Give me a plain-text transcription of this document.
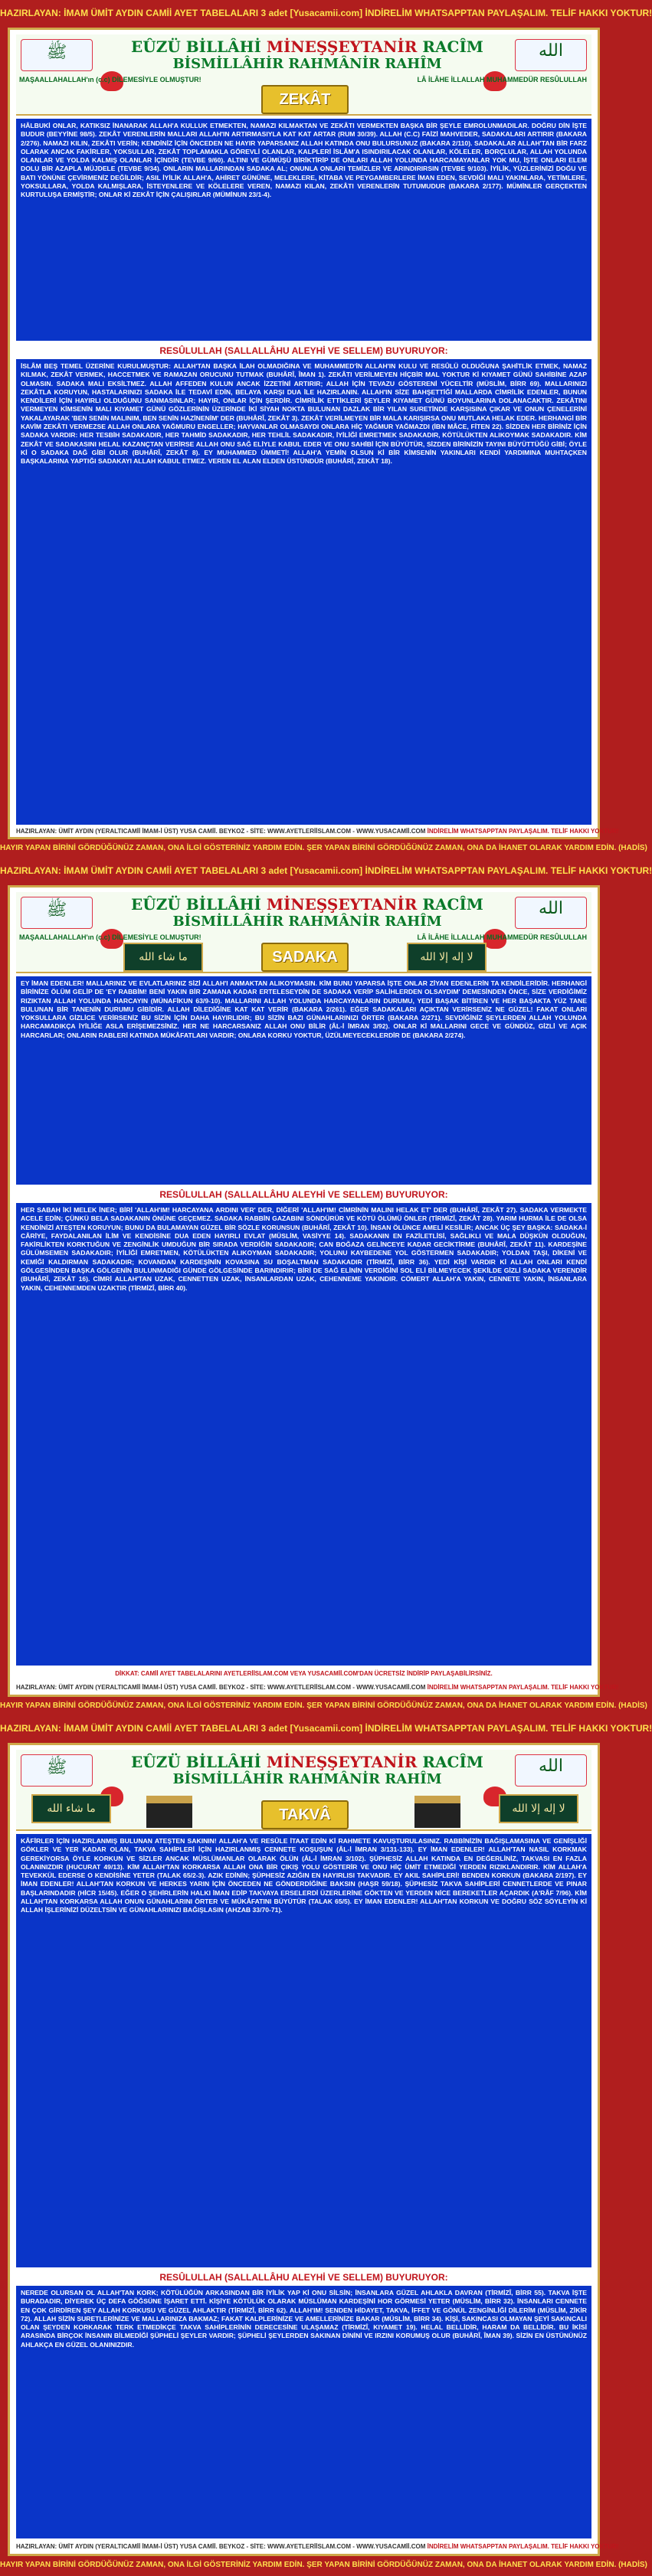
HAZIRLAYAN: İMAM ÜMİT AYDIN CAMİİ AYET TABELALARI 3 adet [Yusacamii.com] İNDİRELİM WHATSAPPTAN PAYLAŞALIM. TELİF HAKKI YOKTUR!
ﷺ	الله
EÛZÜ BİLLÂHİ MİNEŞŞEYTANİR RACÎM
BİSMİLLÂHİR RAHMÂNİR RAHÎM
MAŞAALLAHALLAH'ın (c.c) DİLEMESİYLE OLMUŞTUR!	LÂ İLÂHE İLLALLAH MUHAMMEDÜR RESÛLULLAH
ZEKÂT
HÂLBUKİ ONLAR, KATIKSIZ İNANARAK ALLAH'A KULLUK ETMEKTEN, NAMAZI KILMAKTAN VE ZEKÂTI VERMEKTEN BAŞKA BİR ŞEYLE EMROLUNMADILAR. DOĞRU DİN İŞTE BUDUR (BEYYİNE 98/5). ZEKÂT VERENLERİN MALLARI ALLAH'IN ARTIRMASIYLA KAT KAT ARTAR (RUM 30/39). ALLAH (C.C) FAİZİ MAHVEDER, SADAKALARI ARTIRIR (BAKARA 2/276). NAMAZI KILIN, ZEKÂTI VERİN; KENDİNİZ İÇİN ÖNCEDEN NE HAYIR YAPARSANIZ ALLAH KATINDA ONU BULURSUNUZ (BAKARA 2/110). SADAKALAR ALLAH'TAN BİR FARZ OLARAK ANCAK FAKİRLER, YOKSULLAR, ZEKÂT TOPLAMAKLA GÖREVLİ OLANLAR, KALPLERİ İSLÂM'A ISINDIRILACAK OLANLAR, KÖLELER, BORÇLULAR, ALLAH YOLUNDA OLANLAR VE YOLDA KALMIŞ OLANLAR İÇİNDİR (TEVBE 9/60). ALTINI VE GÜMÜŞÜ BİRİKTİRİP DE ONLARI ALLAH YOLUNDA HARCAMAYANLAR YOK MU, İŞTE ONLARI ELEM DOLU BİR AZAPLA MÜJDELE (TEVBE 9/34). ONLARIN MALLARINDAN SADAKA AL; ONUNLA ONLARI TEMİZLER VE ARINDIRIRSIN (TEVBE 9/103). İYİLİK, YÜZLERİNİZİ DOĞU VE BATI YÖNÜNE ÇEVİRMENİZ DEĞİLDİR; ASIL İYİLİK ALLAH'A, AHİRET GÜNÜNE, MELEKLERE, KİTABA VE PEYGAMBERLERE İMAN EDEN, SEVDİĞİ MALI YAKINLARA, YETİMLERE, YOKSULLARA, YOLDA KALMIŞLARA, İSTEYENLERE VE KÖLELERE VEREN, NAMAZI KILAN, ZEKÂTI VERENLERİN TUTUMUDUR (BAKARA 2/177). MÜMİNLER GERÇEKTEN KURTULUŞA ERMİŞTİR; ONLAR Kİ ZEKÂT İÇİN ÇALIŞIRLAR (MÜMİNUN 23/1-4).
RESÛLULLAH (SALLALLÂHU ALEYHİ VE SELLEM) BUYURUYOR:
İSLÂM BEŞ TEMEL ÜZERİNE KURULMUŞTUR: ALLAH'TAN BAŞKA İLAH OLMADIĞINA VE MUHAMMED'İN ALLAH'IN KULU VE RESÛLÜ OLDUĞUNA ŞAHİTLİK ETMEK, NAMAZ KILMAK, ZEKÂT VERMEK, HACCETMEK VE RAMAZAN ORUCUNU TUTMAK (BUHÂRÎ, ÎMAN 1). ZEKÂTI VERİLMEYEN HİÇBİR MAL YOKTUR Kİ KIYAMET GÜNÜ SAHİBİNE AZAP OLMASIN. SADAKA MALI EKSİLTMEZ. ALLAH AFFEDEN KULUN ANCAK İZZETİNİ ARTIRIR; ALLAH İÇİN TEVAZU GÖSTERENİ YÜCELTİR (MÜSLİM, BİRR 69). MALLARINIZI ZEKÂTLA KORUYUN, HASTALARINIZI SADAKA İLE TEDAVİ EDİN, BELAYA KARŞI DUA İLE HAZIRLANIN. ALLAH'IN SİZE BAHŞETTİĞİ MALLARDA CİMRİLİK EDENLER, BUNUN KENDİLERİ İÇİN HAYIRLI OLDUĞUNU SANMASINLAR; HAYIR, ONLAR İÇİN ŞERDİR. CİMRİLİK ETTİKLERİ ŞEYLER KIYAMET GÜNÜ BOYUNLARINA DOLANACAKTIR. ZEKÂTINI VERMEYEN KİMSENİN MALI KIYAMET GÜNÜ GÖZLERİNİN ÜZERİNDE İKİ SİYAH NOKTA BULUNAN DAZLAK BİR YILAN SURETİNDE KARŞISINA ÇIKAR VE ONUN ÇENELERİNİ YAKALAYARAK 'BEN SENİN MALINIM, BEN SENİN HAZİNENİM' DER (BUHÂRÎ, ZEKÂT 3). ZEKÂT VERİLMEYEN BİR MALA KARIŞIRSA ONU MUTLAKA HELAK EDER. HERHANGİ BİR KAVİM ZEKÂTI VERMEZSE ALLAH ONLARA YAĞMURU ENGELLER; HAYVANLAR OLMASAYDI ONLARA HİÇ YAĞMUR YAĞMAZDI (İBN MÂCE, FİTEN 22). SİZDEN HER BİRİNİZ İÇİN SADAKA VARDIR: HER TESBİH SADAKADIR, HER TAHMİD SADAKADIR, HER TEHLİL SADAKADIR, İYİLİĞİ EMRETMEK SADAKADIR, KÖTÜLÜKTEN ALIKOYMAK SADAKADIR. KİM ZEKÂT VE SADAKASINI HELAL KAZANÇTAN VERİRSE ALLAH ONU SAĞ ELİYLE KABUL EDER VE ONU SAHİBİ İÇİN BÜYÜTÜR, SİZDEN BİRİNİZİN TAYINI BÜYÜTTÜĞÜ GİBİ; ÖYLE Kİ O SADAKA DAĞ GİBİ OLUR (BUHÂRÎ, ZEKÂT 8). EY MUHAMMED ÜMMETİ! ALLAH'A YEMİN OLSUN Kİ BİR KİMSENİN YAKINLARI KENDİ YARDIMINA MUHTAÇKEN BAŞKALARINA YAPTIĞI SADAKAYI ALLAH KABUL ETMEZ. VEREN EL ALAN ELDEN ÜSTÜNDÜR (BUHÂRÎ, ZEKÂT 18).
HAZIRLAYAN: ÜMİT AYDIN (YERALTICAMİİ İMAM-İ ÜST) YUSA CAMİİ. BEYKOZ - SİTE: WWW.AYETLERİİSLAM.COM - WWW.YUSACAMİİ.COM İNDİRELİM WHATSAPPTAN PAYLAŞALIM. TELİF HAKKI YOKTUR!
HAYIR YAPAN BİRİNİ GÖRDÜĞÜNÜZ ZAMAN, ONA İLGİ GÖSTERİNİZ YARDIM EDİN. ŞER YAPAN BİRİNİ GÖRDÜĞÜNÜZ ZAMAN, ONA DA İHANET OLARAK YARDIM EDİN. (HADİS)
HAZIRLAYAN: İMAM ÜMİT AYDIN CAMİİ AYET TABELALARI 3 adet [Yusacamii.com] İNDİRELİM WHATSAPPTAN PAYLAŞALIM. TELİF HAKKI YOKTUR!
ﷺ	الله
EÛZÜ BİLLÂHİ MİNEŞŞEYTANİR RACÎM
BİSMİLLÂHİR RAHMÂNİR RAHÎM
MAŞAALLAHALLAH'ın (c.c) DİLEMESİYLE OLMUŞTUR!	LÂ İLÂHE İLLALLAH MUHAMMEDÜR RESÛLULLAH
ما شاء الله	SADAKA	لا إله إلا الله
EY İMAN EDENLER! MALLARINIZ VE EVLATLARINIZ SİZİ ALLAH'I ANMAKTAN ALIKOYMASIN. KİM BUNU YAPARSA İŞTE ONLAR ZİYAN EDENLERİN TA KENDİLERİDİR. HERHANGİ BİRİNİZE ÖLÜM GELİP DE 'EY RABBİM! BENİ YAKIN BİR ZAMANA KADAR ERTELESEYDİN DE SADAKA VERİP SALİHLERDEN OLSAYDIM' DEMESİNDEN ÖNCE, SİZE VERDİĞİMİZ RIZIKTAN ALLAH YOLUNDA HARCAYIN (MÜNAFİKUN 63/9-10). MALLARINI ALLAH YOLUNDA HARCAYANLARIN DURUMU, YEDİ BAŞAK BİTİREN VE HER BAŞAKTA YÜZ TANE BULUNAN BİR TANENİN DURUMU GİBİDİR. ALLAH DİLEDİĞİNE KAT KAT VERİR (BAKARA 2/261). EĞER SADAKALARI AÇIKTAN VERİRSENİZ NE GÜZEL! FAKAT ONLARI YOKSULLARA GİZLİCE VERİRSENİZ BU SİZİN İÇİN DAHA HAYIRLIDIR; BU SİZİN BAZI GÜNAHLARINIZI ÖRTER (BAKARA 2/271). SEVDİĞİNİZ ŞEYLERDEN ALLAH YOLUNDA HARCAMADIKÇA İYİLİĞE ASLA ERİŞEMEZSİNİZ. HER NE HARCARSANIZ ALLAH ONU BİLİR (ÂL-İ İMRAN 3/92). ONLAR Kİ MALLARINI GECE VE GÜNDÜZ, GİZLİ VE AÇIK HARCARLAR; ONLARIN RABLERİ KATINDA MÜKÂFATLARI VARDIR; ONLARA KORKU YOKTUR, ÜZÜLMEYECEKLERDİR DE (BAKARA 2/274).
RESÛLULLAH (SALLALLÂHU ALEYHİ VE SELLEM) BUYURUYOR:
HER SABAH İKİ MELEK İNER; BİRİ 'ALLAH'IM! HARCAYANA ARDINI VER' DER, DİĞERİ 'ALLAH'IM! CİMRİNİN MALINI HELAK ET' DER (BUHÂRÎ, ZEKÂT 27). SADAKA VERMEKTE ACELE EDİN; ÇÜNKÜ BELA SADAKANIN ÖNÜNE GEÇEMEZ. SADAKA RABBİN GAZABINI SÖNDÜRÜR VE KÖTÜ ÖLÜMÜ ÖNLER (TİRMİZÎ, ZEKÂT 28). YARIM HURMA İLE DE OLSA KENDİNİZİ ATEŞTEN KORUYUN; BUNU DA BULAMAYAN GÜZEL BİR SÖZLE KORUNSUN (BUHÂRÎ, ZEKÂT 10). İNSAN ÖLÜNCE AMELİ KESİLİR; ANCAK ÜÇ ŞEY BAŞKA: SADAKA-İ CÂRİYE, FAYDALANILAN İLİM VE KENDİSİNE DUA EDEN HAYIRLI EVLAT (MÜSLİM, VASİYYE 14). SADAKANIN EN FAZİLETLİSİ, SAĞLIKLI VE MALA DÜŞKÜN OLDUĞUN, FAKİRLİKTEN KORKTUĞUN VE ZENGİNLİK UMDUĞUN BİR SIRADA VERDİĞİN SADAKADIR; CAN BOĞAZA GELİNCEYE KADAR GECİKTİRME (BUHÂRÎ, ZEKÂT 11). KARDEŞİNE GÜLÜMSEMEN SADAKADIR; İYİLİĞİ EMRETMEN, KÖTÜLÜKTEN ALIKOYMAN SADAKADIR; YOLUNU KAYBEDENE YOL GÖSTERMEN SADAKADIR; YOLDAN TAŞI, DİKENİ VE KEMİĞİ KALDIRMAN SADAKADIR; KOVANDAN KARDEŞİNİN KOVASINA SU BOŞALTMAN SADAKADIR (TİRMİZÎ, BİRR 36). YEDİ KİŞİ VARDIR Kİ ALLAH ONLARI KENDİ GÖLGESİNDEN BAŞKA GÖLGENİN BULUNMADIĞI GÜNDE GÖLGESİNDE BARINDIRIR; BİRİ DE SAĞ ELİNİN VERDİĞİNİ SOL ELİ BİLMEYECEK ŞEKİLDE GİZLİ SADAKA VERENDİR (BUHÂRÎ, ZEKÂT 16). CİMRİ ALLAH'TAN UZAK, CENNETTEN UZAK, İNSANLARDAN UZAK, CEHENNEME YAKINDIR. CÖMERT ALLAH'A YAKIN, CENNETE YAKIN, İNSANLARA YAKIN, CEHENNEMDEN UZAKTIR (TİRMİZÎ, BİRR 40).
DİKKAT: CAMİİ AYET TABELALARINI AYETLERİİSLAM.COM VEYA YUSACAMİİ.COM'DAN ÜCRETSİZ İNDİRİP PAYLAŞABİLİRSİNİZ.
HAZIRLAYAN: ÜMİT AYDIN (YERALTICAMİİ İMAM-İ ÜST) YUSA CAMİİ. BEYKOZ - SİTE: WWW.AYETLERİİSLAM.COM - WWW.YUSACAMİİ.COM İNDİRELİM WHATSAPPTAN PAYLAŞALIM. TELİF HAKKI YOKTUR!
HAYIR YAPAN BİRİNİ GÖRDÜĞÜNÜZ ZAMAN, ONA İLGİ GÖSTERİNİZ YARDIM EDİN. ŞER YAPAN BİRİNİ GÖRDÜĞÜNÜZ ZAMAN, ONA DA İHANET OLARAK YARDIM EDİN. (HADİS)
HAZIRLAYAN: İMAM ÜMİT AYDIN CAMİİ AYET TABELALARI 3 adet [Yusacamii.com] İNDİRELİM WHATSAPPTAN PAYLAŞALIM. TELİF HAKKI YOKTUR!
ﷺ	الله
EÛZÜ BİLLÂHİ MİNEŞŞEYTANİR RACÎM
BİSMİLLÂHİR RAHMÂNİR RAHÎM
ما شاء الله	TAKVÂ	لا إله إلا الله
KÂFİRLER İÇİN HAZIRLANMIŞ BULUNAN ATEŞTEN SAKININ! ALLAH'A VE RESÛLE İTAAT EDİN Kİ RAHMETE KAVUŞTURULASINIZ. RABBİNİZİN BAĞIŞLAMASINA VE GENİŞLİĞİ GÖKLER VE YER KADAR OLAN, TAKVA SAHİPLERİ İÇİN HAZIRLANMIŞ CENNETE KOŞUŞUN (ÂL-İ İMRAN 3/131-133). EY İMAN EDENLER! ALLAH'TAN NASIL KORKMAK GEREKİYORSA ÖYLE KORKUN VE SİZLER ANCAK MÜSLÜMANLAR OLARAK ÖLÜN (ÂL-İ İMRAN 3/102). ŞÜPHESİZ ALLAH KATINDA EN DEĞERLİNİZ, TAKVASI EN FAZLA OLANINIZDIR (HUCURAT 49/13). KİM ALLAH'TAN KORKARSA ALLAH ONA BİR ÇIKIŞ YOLU GÖSTERİR VE ONU HİÇ ÜMİT ETMEDİĞİ YERDEN RIZIKLANDIRIR. KİM ALLAH'A TEVEKKÜL EDERSE O KENDİSİNE YETER (TALAK 65/2-3). AZIK EDİNİN; ŞÜPHESİZ AZIĞIN EN HAYIRLISI TAKVADIR. EY AKIL SAHİPLERİ! BENDEN KORKUN (BAKARA 2/197). EY İMAN EDENLER! ALLAH'TAN KORKUN VE HERKES YARIN İÇİN ÖNCEDEN NE GÖNDERDİĞİNE BAKSIN (HAŞR 59/18). ŞÜPHESİZ TAKVA SAHİPLERİ CENNETLERDE VE PINAR BAŞLARINDADIR (HİCR 15/45). EĞER O ŞEHİRLERİN HALKI İMAN EDİP TAKVAYA ERSELERDİ ÜZERLERİNE GÖKTEN VE YERDEN NİCE BEREKETLER AÇARDIK (A'RÂF 7/96). KİM ALLAH'TAN KORKARSA ALLAH ONUN GÜNAHLARINI ÖRTER VE MÜKÂFATINI BÜYÜTÜR (TALAK 65/5). EY İMAN EDENLER! ALLAH'TAN KORKUN VE DOĞRU SÖZ SÖYLEYİN Kİ ALLAH İŞLERİNİZİ DÜZELTSİN VE GÜNAHLARINIZI BAĞIŞLASIN (AHZAB 33/70-71).
RESÛLULLAH (SALLALLÂHU ALEYHİ VE SELLEM) BUYURUYOR:
NEREDE OLURSAN OL ALLAH'TAN KORK; KÖTÜLÜĞÜN ARKASINDAN BİR İYİLİK YAP Kİ ONU SİLSİN; İNSANLARA GÜZEL AHLAKLA DAVRAN (TİRMİZÎ, BİRR 55). TAKVA İŞTE BURADADIR, DİYEREK ÜÇ DEFA GÖĞSÜNE İŞARET ETTİ. KİŞİYE KÖTÜLÜK OLARAK MÜSLÜMAN KARDEŞİNİ HOR GÖRMESİ YETER (MÜSLİM, BİRR 32). İNSANLARI CENNETE EN ÇOK GİRDİREN ŞEY ALLAH KORKUSU VE GÜZEL AHLAKTIR (TİRMİZÎ, BİRR 62). ALLAH'IM! SENDEN HİDAYET, TAKVA, İFFET VE GÖNÜL ZENGİNLİĞİ DİLERİM (MÜSLİM, ZİKİR 72). ALLAH SİZİN SURETLERİNİZE VE MALLARINIZA BAKMAZ; FAKAT KALPLERİNİZE VE AMELLERİNİZE BAKAR (MÜSLİM, BİRR 34). KİŞİ, SAKINCASI OLMAYAN ŞEYİ SAKINCALI OLAN ŞEYDEN KORKARAK TERK ETMEDİKÇE TAKVA SAHİPLERİNİN DERECESİNE ULAŞAMAZ (TİRMİZÎ, KIYAMET 19). HELAL BELLİDİR, HARAM DA BELLİDİR. BU İKİSİ ARASINDA BİRÇOK İNSANIN BİLMEDİĞİ ŞÜPHELİ ŞEYLER VARDIR; ŞÜPHELİ ŞEYLERDEN SAKINAN DİNİNİ VE IRZINI KORUMUŞ OLUR (BUHÂRÎ, ÎMAN 39). SİZİN EN ÜSTÜNÜNÜZ AHLAKÇA EN GÜZEL OLANINIZDIR.
HAZIRLAYAN: ÜMİT AYDIN (YERALTICAMİİ İMAM-İ ÜST) YUSA CAMİİ. BEYKOZ - SİTE: WWW.AYETLERİİSLAM.COM - WWW.YUSACAMİİ.COM İNDİRELİM WHATSAPPTAN PAYLAŞALIM. TELİF HAKKI YOKTUR!
HAYIR YAPAN BİRİNİ GÖRDÜĞÜNÜZ ZAMAN, ONA İLGİ GÖSTERİNİZ YARDIM EDİN. ŞER YAPAN BİRİNİ GÖRDÜĞÜNÜZ ZAMAN, ONA DA İHANET OLARAK YARDIM EDİN. (HADİS)
